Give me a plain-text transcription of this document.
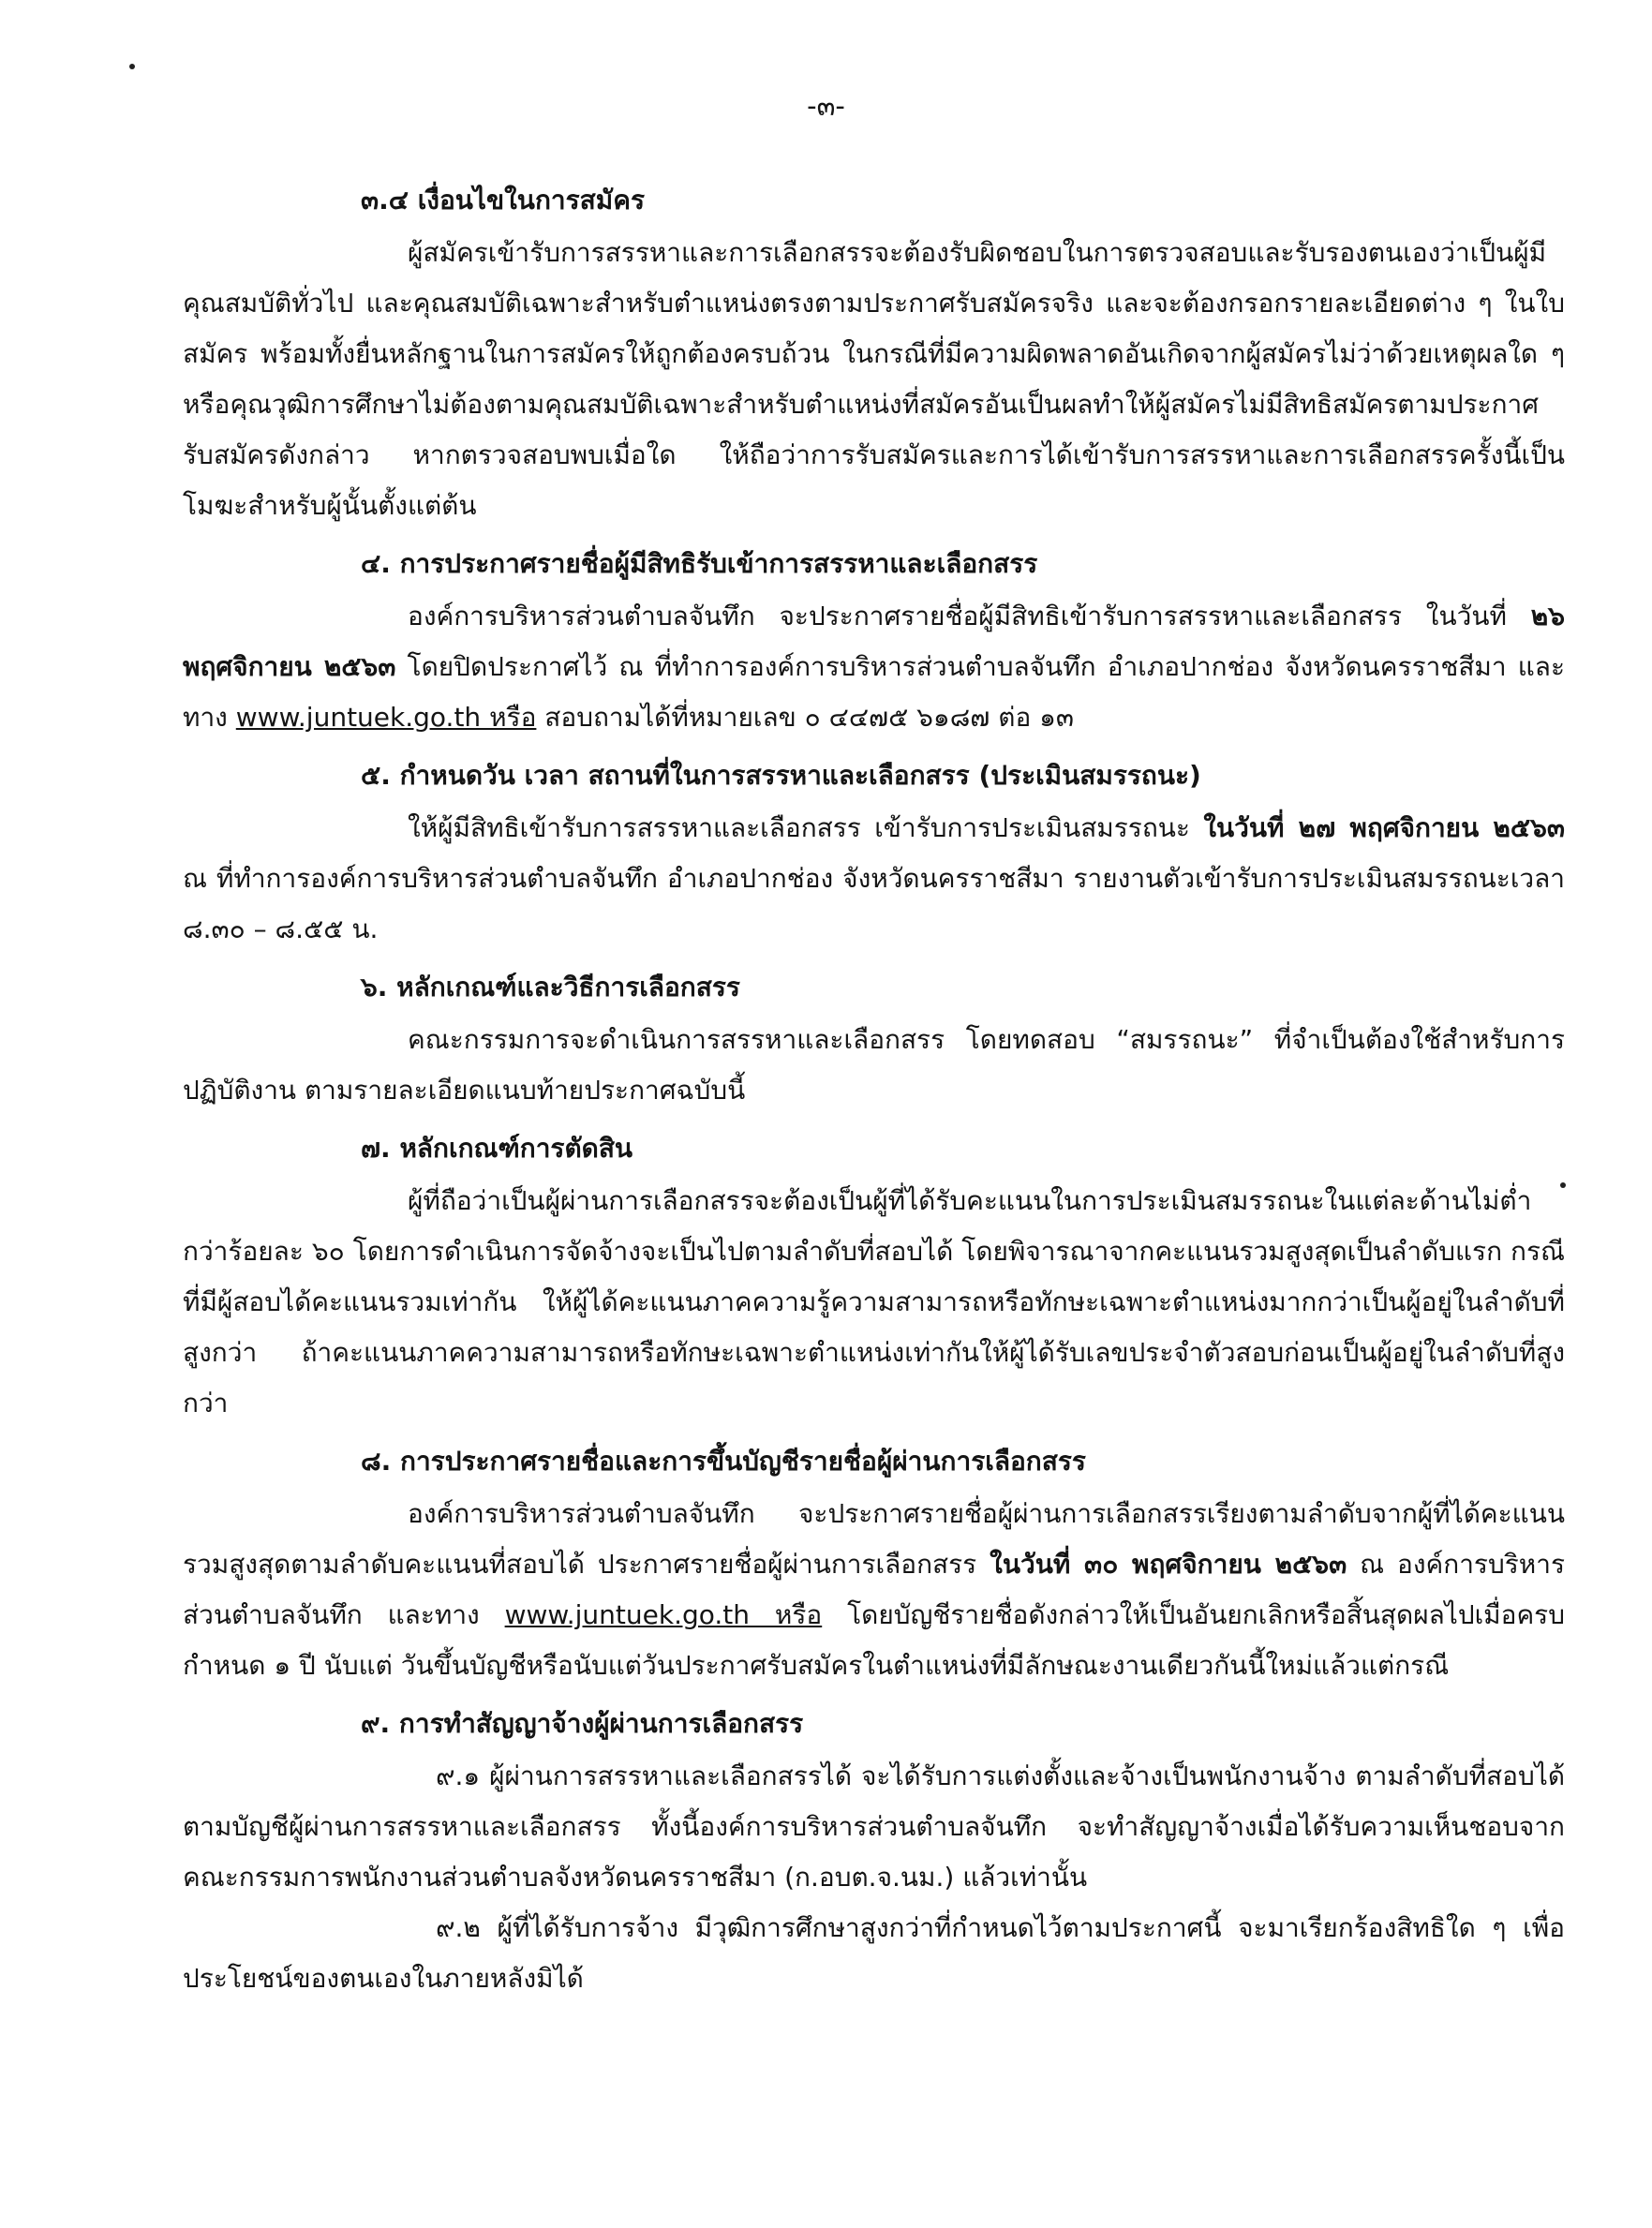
-๓-
๓.๔ เงื่อนไขในการสมัคร

ผู้สมัครเข้ารับการสรรหาและการเลือกสรรจะต้องรับผิดชอบในการตรวจสอบและรับรองตนเองว่าเป็นผู้มีคุณสมบัติทั่วไป และคุณสมบัติเฉพาะสำหรับตำแหน่งตรงตามประกาศรับสมัครจริง และจะต้องกรอกรายละเอียดต่าง ๆ ในใบสมัคร พร้อมทั้งยื่นหลักฐานในการสมัครให้ถูกต้องครบถ้วน ในกรณีที่มีความผิดพลาดอันเกิดจากผู้สมัครไม่ว่าด้วยเหตุผลใด ๆ หรือคุณวุฒิการศึกษาไม่ต้องตามคุณสมบัติเฉพาะสำหรับตำแหน่งที่สมัครอันเป็นผลทำให้ผู้สมัครไม่มีสิทธิสมัครตามประกาศรับสมัครดังกล่าว หากตรวจสอบพบเมื่อใด ให้ถือว่าการรับสมัครและการได้เข้ารับการสรรหาและการเลือกสรรครั้งนี้เป็น โมฆะสำหรับผู้นั้นตั้งแต่ต้น

๔. การประกาศรายชื่อผู้มีสิทธิรับเข้าการสรรหาและเลือกสรร

องค์การบริหารส่วนตำบลจันทึก จะประกาศรายชื่อผู้มีสิทธิเข้ารับการสรรหาและเลือกสรร ในวันที่ ๒๖ พฤศจิกายน ๒๕๖๓ โดยปิดประกาศไว้ ณ ที่ทำการองค์การบริหารส่วนตำบลจันทึก อำเภอปากช่อง จังหวัดนครราชสีมา และทาง www.juntuek.go.th หรือ สอบถามได้ที่หมายเลข ๐ ๔๔๗๕ ๖๑๘๗ ต่อ ๑๓

๕. กำหนดวัน เวลา สถานที่ในการสรรหาและเลือกสรร (ประเมินสมรรถนะ)

ให้ผู้มีสิทธิเข้ารับการสรรหาและเลือกสรร เข้ารับการประเมินสมรรถนะ ในวันที่ ๒๗ พฤศจิกายน ๒๕๖๓ ณ ที่ทำการองค์การบริหารส่วนตำบลจันทึก อำเภอปากช่อง จังหวัดนครราชสีมา รายงานตัวเข้ารับการประเมินสมรรถนะเวลา ๘.๓๐ – ๘.๕๕ น.

๖. หลักเกณฑ์และวิธีการเลือกสรร

คณะกรรมการจะดำเนินการสรรหาและเลือกสรร โดยทดสอบ “สมรรถนะ” ที่จำเป็นต้องใช้สำหรับการปฏิบัติงาน ตามรายละเอียดแนบท้ายประกาศฉบับนี้

๗. หลักเกณฑ์การตัดสิน

ผู้ที่ถือว่าเป็นผู้ผ่านการเลือกสรรจะต้องเป็นผู้ที่ได้รับคะแนนในการประเมินสมรรถนะในแต่ละด้านไม่ต่ำกว่าร้อยละ ๖๐ โดยการดำเนินการจัดจ้างจะเป็นไปตามลำดับที่สอบได้ โดยพิจารณาจากคะแนนรวมสูงสุดเป็นลำดับแรก กรณีที่มีผู้สอบได้คะแนนรวมเท่ากัน ให้ผู้ได้คะแนนภาคความรู้ความสามารถหรือทักษะเฉพาะตำแหน่งมากกว่าเป็นผู้อยู่ในลำดับที่สูงกว่า ถ้าคะแนนภาคความสามารถหรือทักษะเฉพาะตำแหน่งเท่ากันให้ผู้ได้รับเลขประจำตัวสอบก่อนเป็นผู้อยู่ในลำดับที่สูงกว่า

๘. การประกาศรายชื่อและการขึ้นบัญชีรายชื่อผู้ผ่านการเลือกสรร

องค์การบริหารส่วนตำบลจันทึก จะประกาศรายชื่อผู้ผ่านการเลือกสรรเรียงตามลำดับจากผู้ที่ได้คะแนนรวมสูงสุดตามลำดับคะแนนที่สอบได้ ประกาศรายชื่อผู้ผ่านการเลือกสรร ในวันที่ ๓๐ พฤศจิกายน ๒๕๖๓ ณ องค์การบริหารส่วนตำบลจันทึก และทาง www.juntuek.go.th หรือ โดยบัญชีรายชื่อดังกล่าวให้เป็นอันยกเลิกหรือสิ้นสุดผลไปเมื่อครบกำหนด ๑ ปี นับแต่ วันขึ้นบัญชีหรือนับแต่วันประกาศรับสมัครในตำแหน่งที่มีลักษณะงานเดียวกันนี้ใหม่แล้วแต่กรณี

๙. การทำสัญญาจ้างผู้ผ่านการเลือกสรร

๙.๑ ผู้ผ่านการสรรหาและเลือกสรรได้ จะได้รับการแต่งตั้งและจ้างเป็นพนักงานจ้าง ตามลำดับที่สอบได้ตามบัญชีผู้ผ่านการสรรหาและเลือกสรร ทั้งนี้องค์การบริหารส่วนตำบลจันทึก จะทำสัญญาจ้างเมื่อได้รับความเห็นชอบจากคณะกรรมการพนักงานส่วนตำบลจังหวัดนครราชสีมา (ก.อบต.จ.นม.) แล้วเท่านั้น

๙.๒ ผู้ที่ได้รับการจ้าง มีวุฒิการศึกษาสูงกว่าที่กำหนดไว้ตามประกาศนี้ จะมาเรียกร้องสิทธิใด ๆ เพื่อประโยชน์ของตนเองในภายหลังมิได้
